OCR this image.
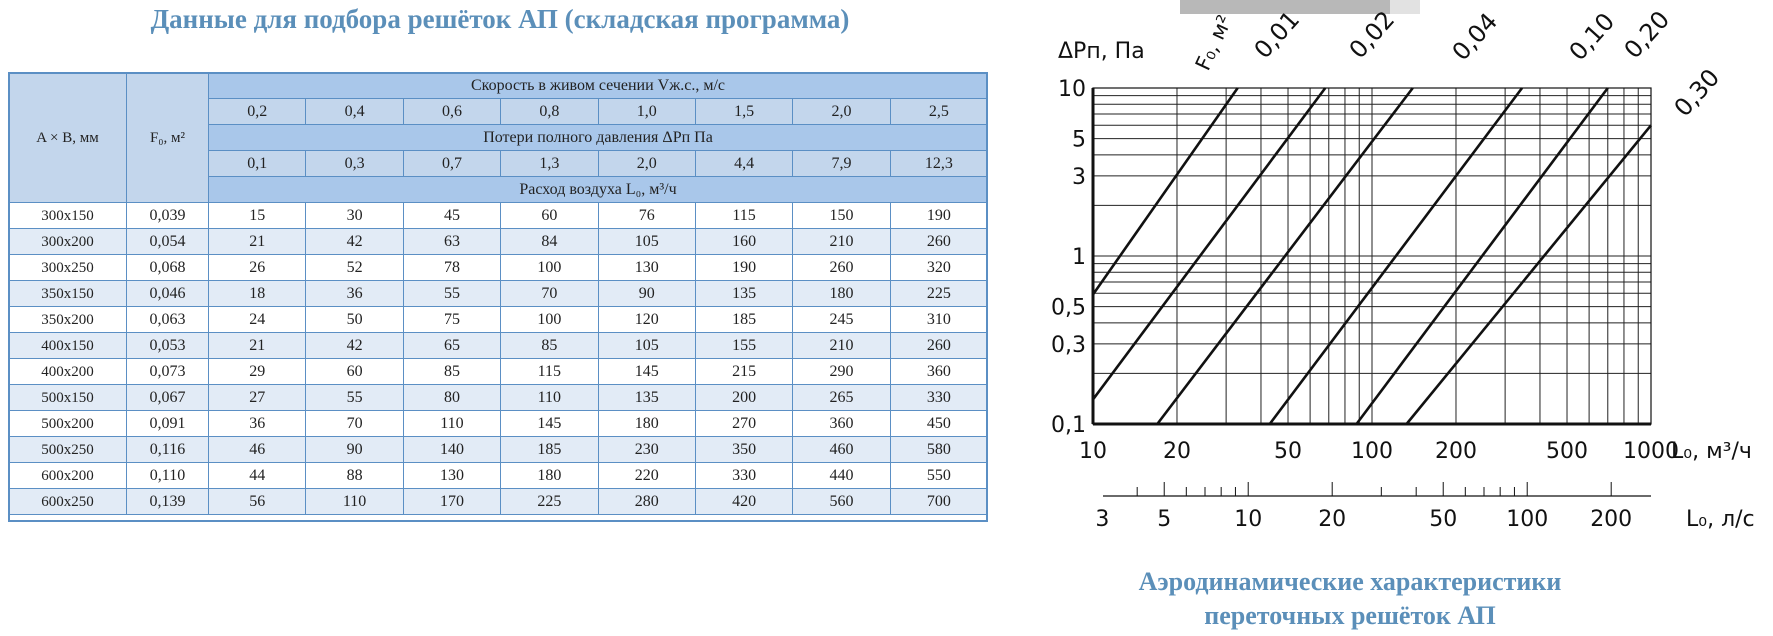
Данные для подбора решёток АП (складская программа)
A × B, мм	F₀, м²	Скорость в живом сечении Vж.с., м/с							
		0,2	0,4	0,6	0,8	1,0	1,5	2,0	2,5
		Потери полного давления ΔPп Па							
		0,1	0,3	0,7	1,3	2,0	4,4	7,9	12,3
		Расход воздуха L₀, м³/ч							
300x150	0,039	15	30	45	60	76	115	150	190
300x200	0,054	21	42	63	84	105	160	210	260
300x250	0,068	26	52	78	100	130	190	260	320
350x150	0,046	18	36	55	70	90	135	180	225
350x200	0,063	24	50	75	100	120	185	245	310
400x150	0,053	21	42	65	85	105	155	210	260
400x200	0,073	29	60	85	115	145	215	290	360
500x150	0,067	27	55	80	110	135	200	265	330
500x200	0,091	36	70	110	145	180	270	360	450
500x250	0,116	46	90	140	185	230	350	460	580
600x200	0,110	44	88	130	180	220	330	440	550
600x250	0,139	56	110	170	225	280	420	560	700
0,01 0,02 0,04	0,10
0,20
0,30
F₀, м²
ΔPп, Па
10
5
3
1
0,5
0,3
0,1
10	20	50 100 200	500 1000
L₀, м³/ч
3 5	10	20	50 100 200 L₀, л/с
Аэродинамические характеристики
переточных решёток АП
